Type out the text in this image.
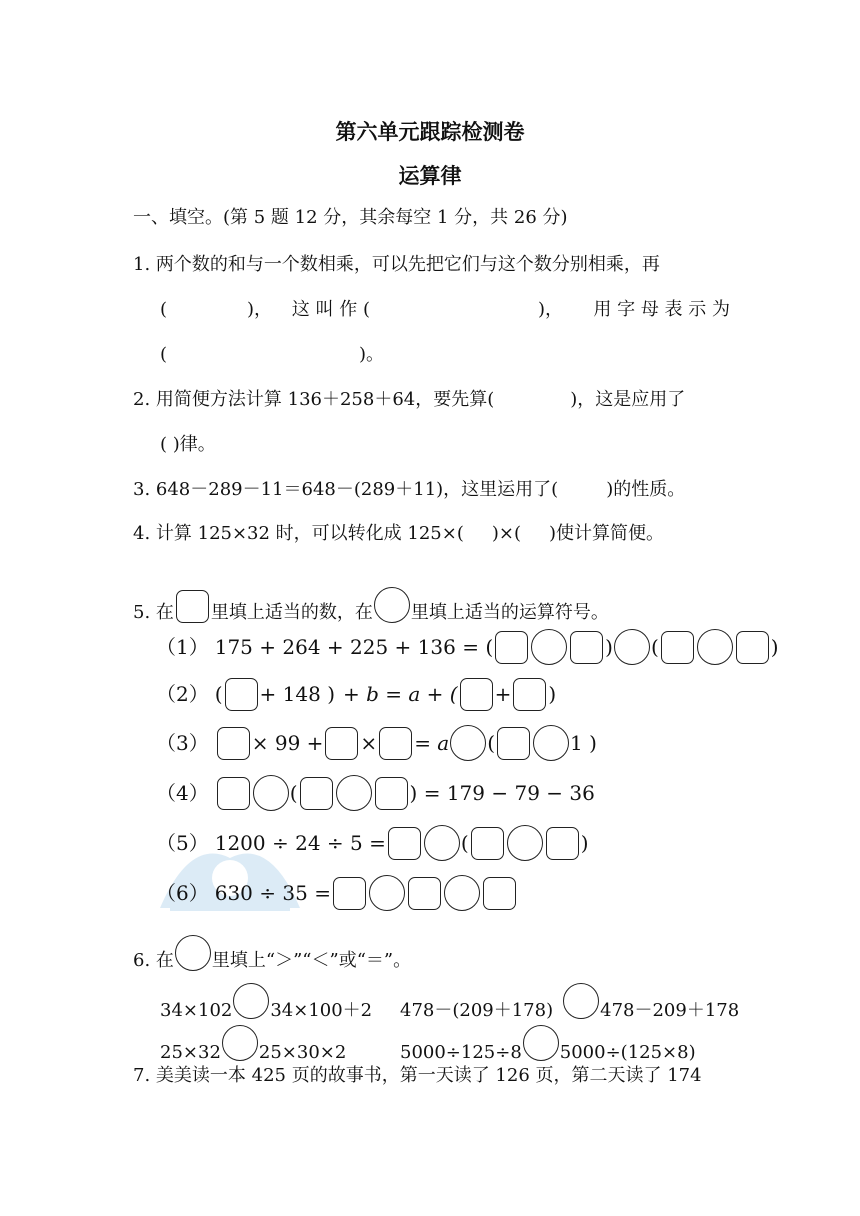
第六单元跟踪检测卷
运算律
一、填空。(第 5 题 12 分，其余每空 1 分，共 26 分)
1. 两个数的和与一个数相乘，可以先把它们与这个数分别相乘，再
(	)， 这 叫 作 (	)， 用 字 母 表 示 为
(	)。
2. 用简便方法计算 136＋258＋64，要先算(	)，这是应用了
( )律。
3. 648－289－11＝648－(289＋11)，这里运用了(	)的性质。
4. 计算 125×32 时，可以转化成 125×( )×( )使计算简便。
5. 在 里填上适当的数，在 里填上适当的运算符号。
（1） 175 + 264 + 225 + 136 = (	) (	)
（2） ( + 148 ) + b = a + ( + )
（3） × 99 + × = a (	1 )
（4）	(	) = 179 − 79 − 36
（5） 1200 ÷ 24 ÷ 5 =	(	)
（6） 630 ÷ 35 =
6. 在 里填上“＞”“＜”或“＝”。
34×102 34×100＋2 478－(209＋178)	478－209＋178
25×32 25×30×2	5000÷125÷8 5000÷(125×8)
7. 美美读一本 425 页的故事书，第一天读了 126 页，第二天读了 174
